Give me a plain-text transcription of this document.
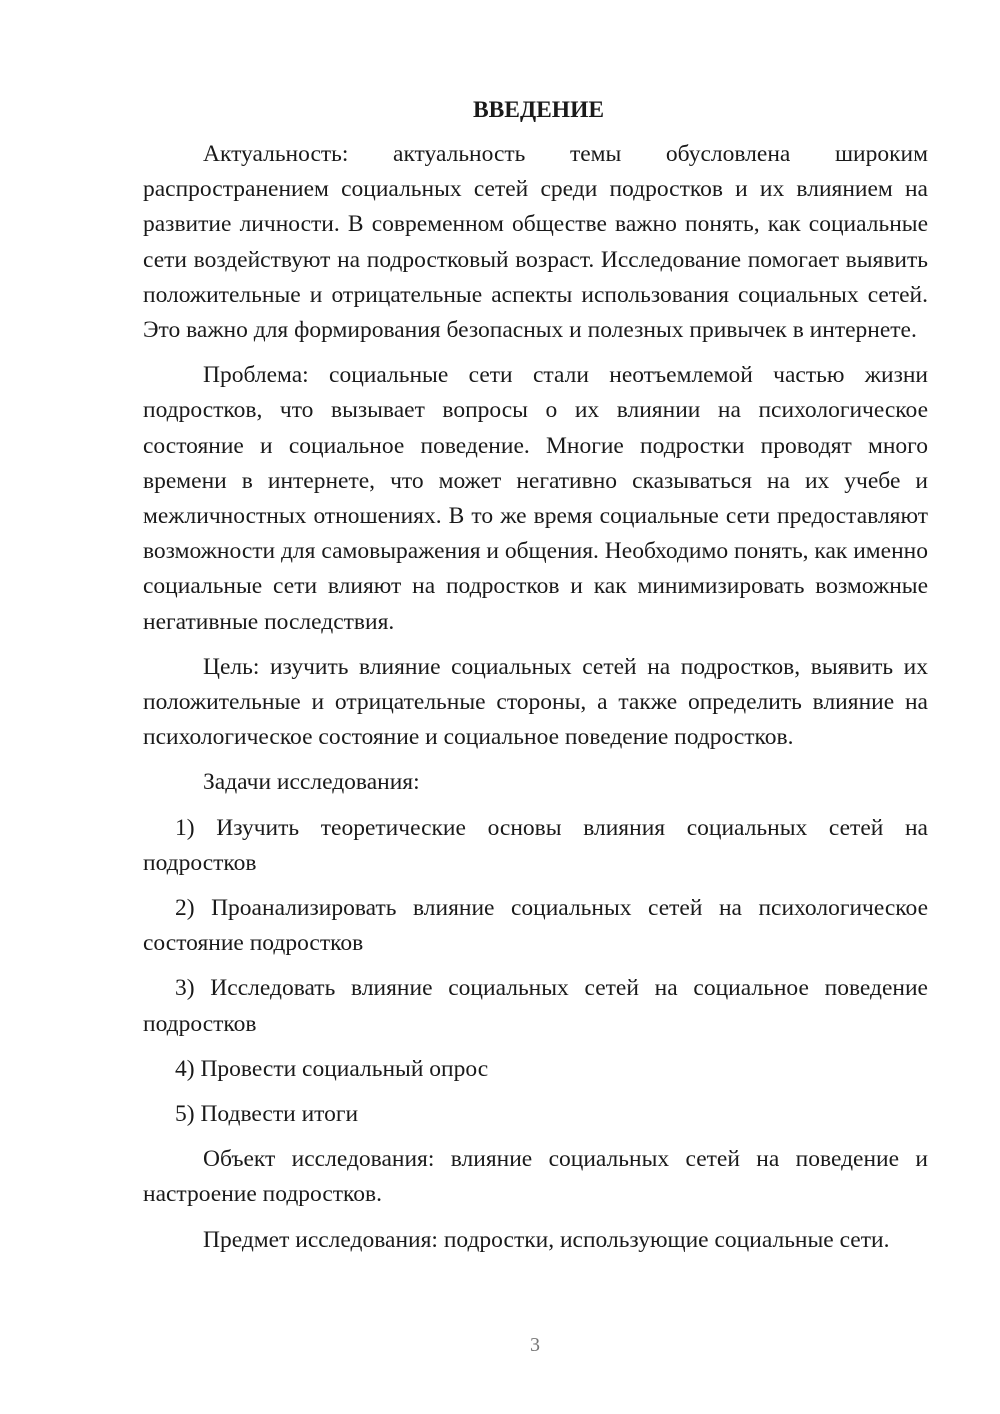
ВВЕДЕНИЕ

Актуальность: актуальность темы обусловлена широким распространением социальных сетей среди подростков и их влиянием на развитие личности. В современном обществе важно понять, как социальные сети воздействуют на подростковый возраст. Исследование помогает выявить положительные и отрицательные аспекты использования социальных сетей. Это важно для формирования безопасных и полезных привычек в интернете.

Проблема: социальные сети стали неотъемлемой частью жизни подростков, что вызывает вопросы о их влиянии на психологическое состояние и социальное поведение. Многие подростки проводят много времени в интернете, что может негативно сказываться на их учебе и межличностных отношениях. В то же время социальные сети предоставляют возможности для самовыражения и общения. Необходимо понять, как именно социальные сети влияют на подростков и как минимизировать возможные негативные последствия.

Цель: изучить влияние социальных сетей на подростков, выявить их положительные и отрицательные стороны, а также определить влияние на психологическое состояние и социальное поведение подростков.

Задачи исследования:

1) Изучить теоретические основы влияния социальных сетей на подростков

2) Проанализировать влияние социальных сетей на психологическое состояние подростков

3) Исследовать влияние социальных сетей на социальное поведение подростков

4) Провести социальный опрос

5) Подвести итоги

Объект исследования: влияние социальных сетей на поведение и настроение подростков.

Предмет исследования: подростки, использующие социальные сети.

3
